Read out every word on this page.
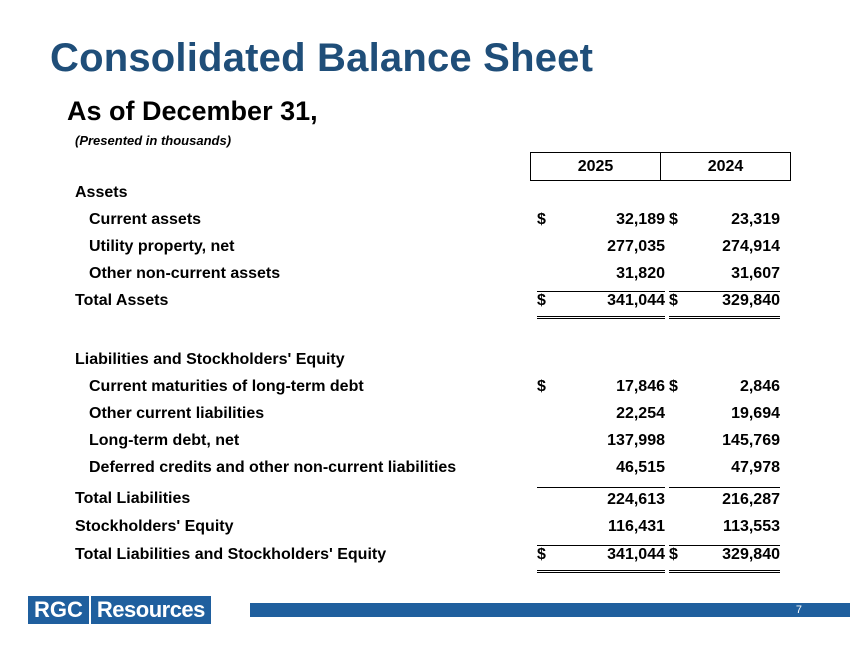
Consolidated Balance Sheet
As of December 31,
(Presented in thousands)
2025	2024
Assets
Current assets	$	32,189 $	23,319
Utility property, net	277,035	274,914
Other non-current assets	31,820	31,607
Total Assets	$	341,044 $	329,840
Liabilities and Stockholders' Equity
Current maturities of long-term debt	$	17,846 $	2,846
Other current liabilities	22,254	19,694
Long-term debt, net	137,998	145,769
Deferred credits and other non-current liabilities	46,515	47,978
Total Liabilities	224,613	216,287
Stockholders' Equity	116,431	113,553
Total Liabilities and Stockholders' Equity	$	341,044 $	329,840
RGC Resources	7
